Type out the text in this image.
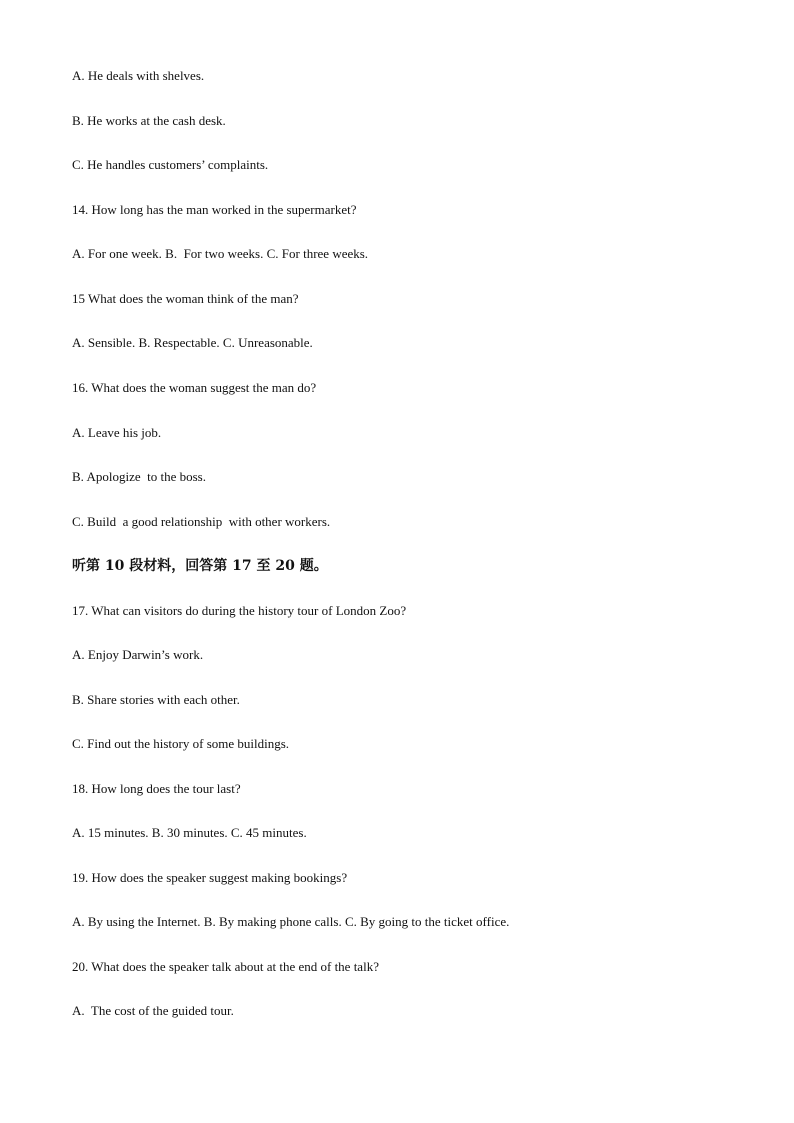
A. He deals with shelves.
B. He works at the cash desk.
C. He handles customers’ complaints.
14. How long has the man worked in the supermarket?
A. For one week. B.  For two weeks. C. For three weeks.
15 What does the woman think of the man?
A. Sensible. B. Respectable. C. Unreasonable.
16. What does the woman suggest the man do?
A. Leave his job.
B. Apologize  to the boss.
C. Build  a good relationship  with other workers.
听第 10 段材料，回答第 17 至 20 题。
17. What can visitors do during the history tour of London Zoo?
A. Enjoy Darwin’s work.
B. Share stories with each other.
C. Find out the history of some buildings.
18. How long does the tour last?
A. 15 minutes. B. 30 minutes. C. 45 minutes.
19. How does the speaker suggest making bookings?
A. By using the Internet. B. By making phone calls. C. By going to the ticket office.
20. What does the speaker talk about at the end of the talk?
A.  The cost of the guided tour.
